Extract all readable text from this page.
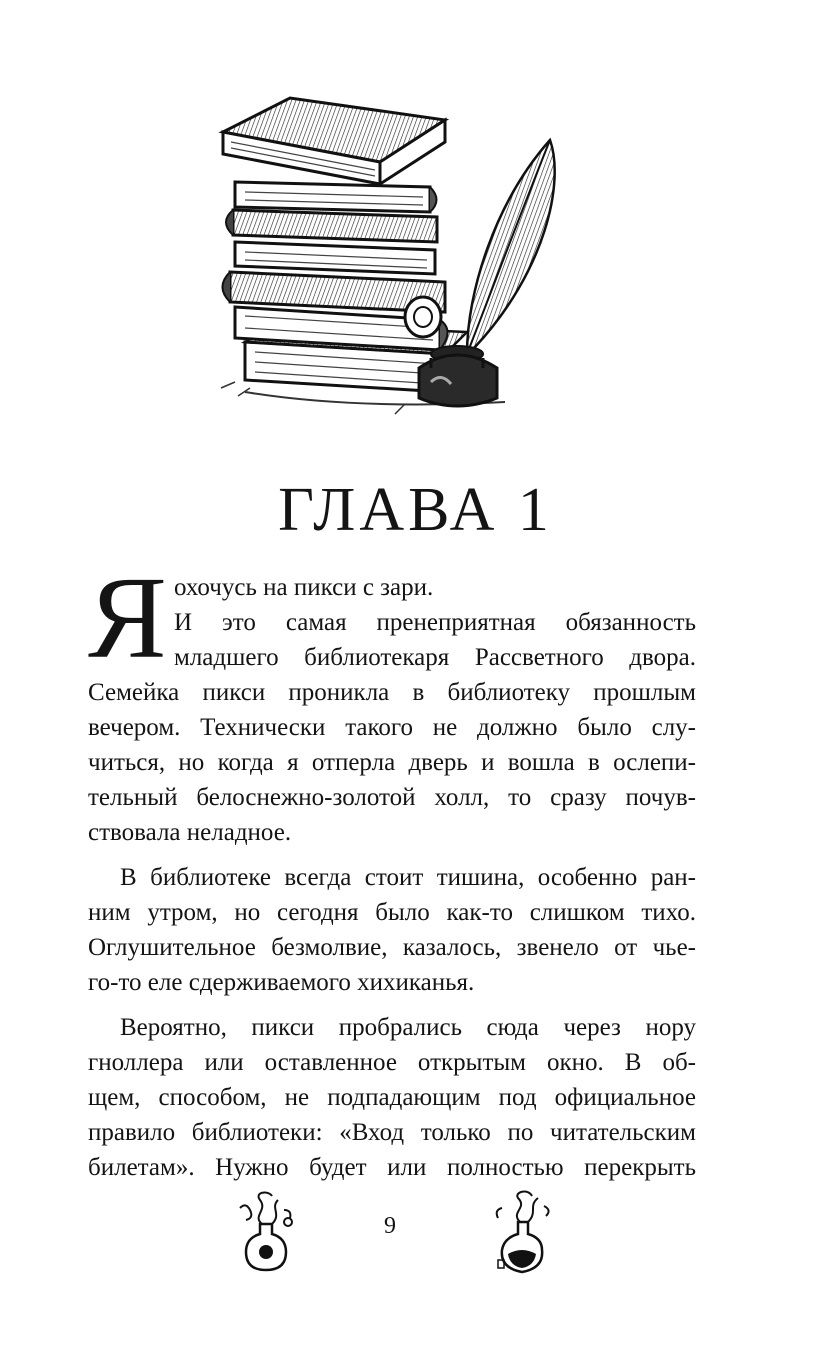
ГЛАВА 1
Я охочусь на пикси с зари.
И это самая пренеприятная обязанность
младшего библиотекаря Рассветного двора.
Семейка пикси проникла в библиотеку прошлым
вечером. Технически такого не должно было слу-
читься, но когда я отперла дверь и вошла в ослепи-
тельный белоснежно-золотой холл, то сразу почув-
ствовала неладное.
В библиотеке всегда стоит тишина, особенно ран-
ним утром, но сегодня было как-то слишком тихо.
Оглушительное безмолвие, казалось, звенело от чье-
го-то еле сдерживаемого хихиканья.
Вероятно, пикси пробрались сюда через нору
гноллера или оставленное открытым окно. В об-
щем, способом, не подпадающим под официальное
правило библиотеки: «Вход только по читательским
билетам». Нужно будет или полностью перекрыть
9
